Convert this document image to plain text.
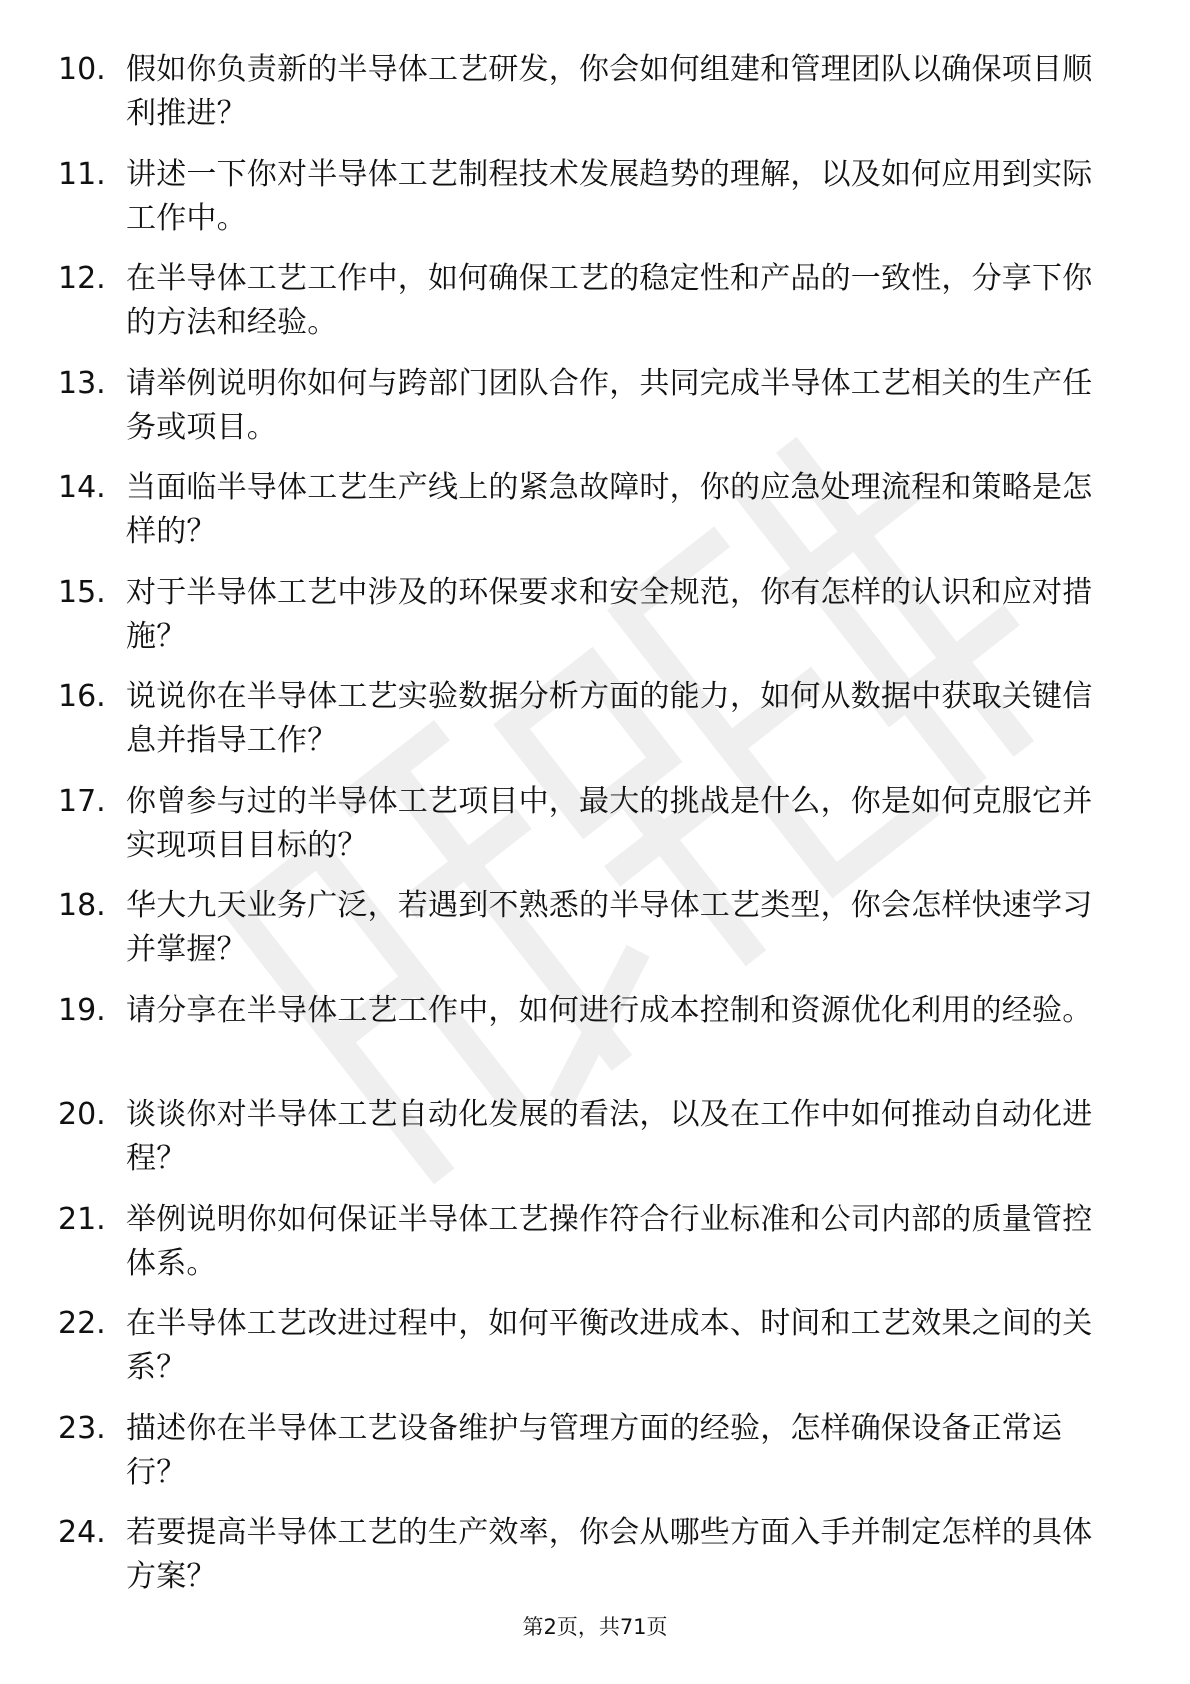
10. 假如你负责新的半导体工艺研发，你会如何组建和管理团队以确保项目顺利推进？
11. 讲述一下你对半导体工艺制程技术发展趋势的理解，以及如何应用到实际工作中。
12. 在半导体工艺工作中，如何确保工艺的稳定性和产品的一致性，分享下你的方法和经验。
13. 请举例说明你如何与跨部门团队合作，共同完成半导体工艺相关的生产任务或项目。
14. 当面临半导体工艺生产线上的紧急故障时，你的应急处理流程和策略是怎样的？
15. 对于半导体工艺中涉及的环保要求和安全规范，你有怎样的认识和应对措施？
16. 说说你在半导体工艺实验数据分析方面的能力，如何从数据中获取关键信息并指导工作？
17. 你曾参与过的半导体工艺项目中，最大的挑战是什么，你是如何克服它并实现项目目标的？
18. 华大九天业务广泛，若遇到不熟悉的半导体工艺类型，你会怎样快速学习并掌握？
19. 请分享在半导体工艺工作中，如何进行成本控制和资源优化利用的经验。
20. 谈谈你对半导体工艺自动化发展的看法，以及在工作中如何推动自动化进程？
21. 举例说明你如何保证半导体工艺操作符合行业标准和公司内部的质量管控体系。
22. 在半导体工艺改进过程中，如何平衡改进成本、时间和工艺效果之间的关系？
23. 描述你在半导体工艺设备维护与管理方面的经验，怎样确保设备正常运行？
24. 若要提高半导体工艺的生产效率，你会从哪些方面入手并制定怎样的具体方案？
第2页，共71页
